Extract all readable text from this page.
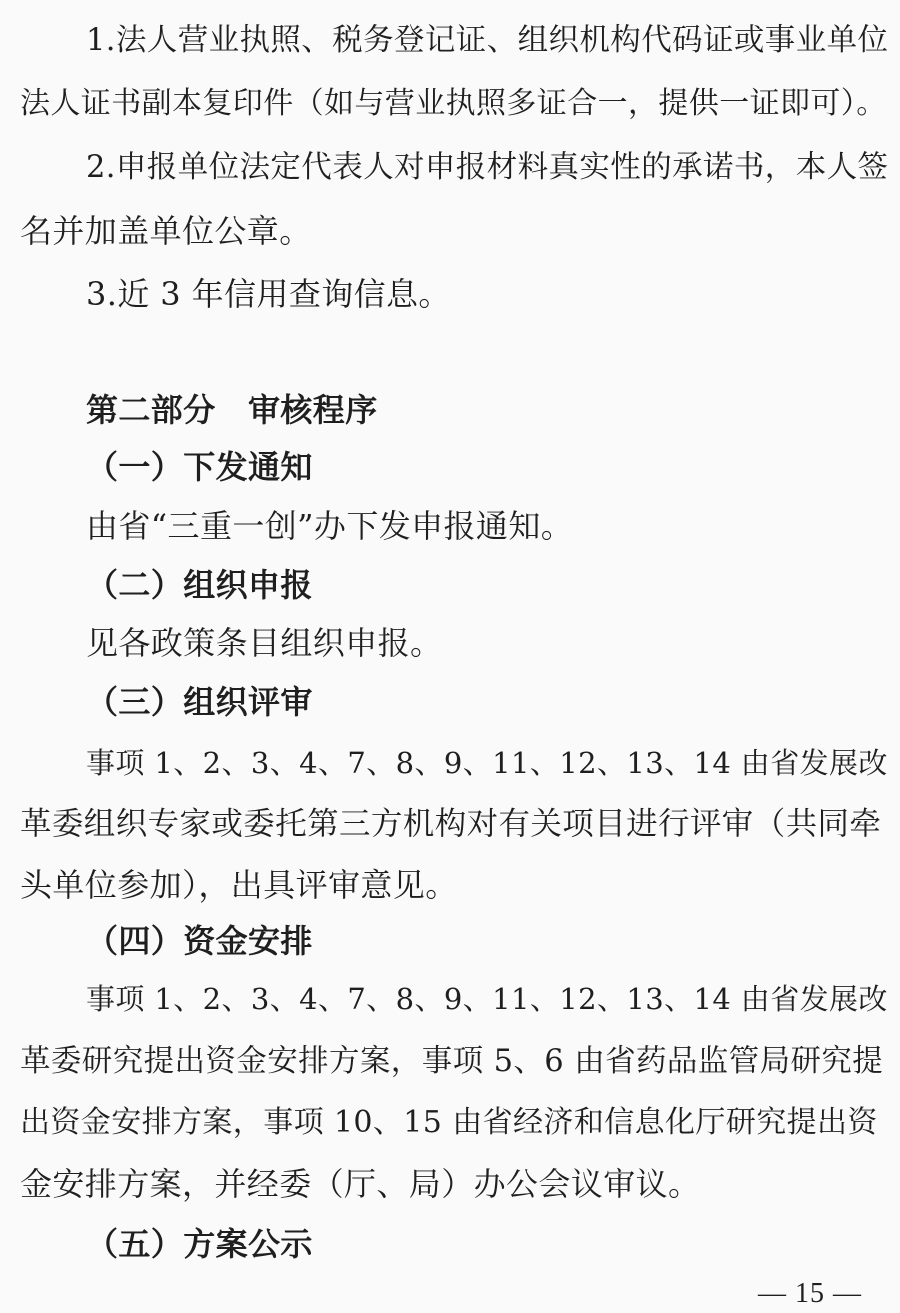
1.法人营业执照、税务登记证、组织机构代码证或事业单位
法人证书副本复印件（如与营业执照多证合一，提供一证即可）。
2.申报单位法定代表人对申报材料真实性的承诺书，本人签
名并加盖单位公章。
3.近 3 年信用查询信息。
第二部分　审核程序
（一）下发通知
由省“三重一创”办下发申报通知。
（二）组织申报
见各政策条目组织申报。
（三）组织评审
事项 1、2、3、4、7、8、9、11、12、13、14 由省发展改
革委组织专家或委托第三方机构对有关项目进行评审（共同牵
头单位参加），出具评审意见。
（四）资金安排
事项 1、2、3、4、7、8、9、11、12、13、14 由省发展改
革委研究提出资金安排方案，事项 5、6 由省药品监管局研究提
出资金安排方案，事项 10、15 由省经济和信息化厅研究提出资
金安排方案，并经委（厅、局）办公会议审议。
（五）方案公示
— 15 —
